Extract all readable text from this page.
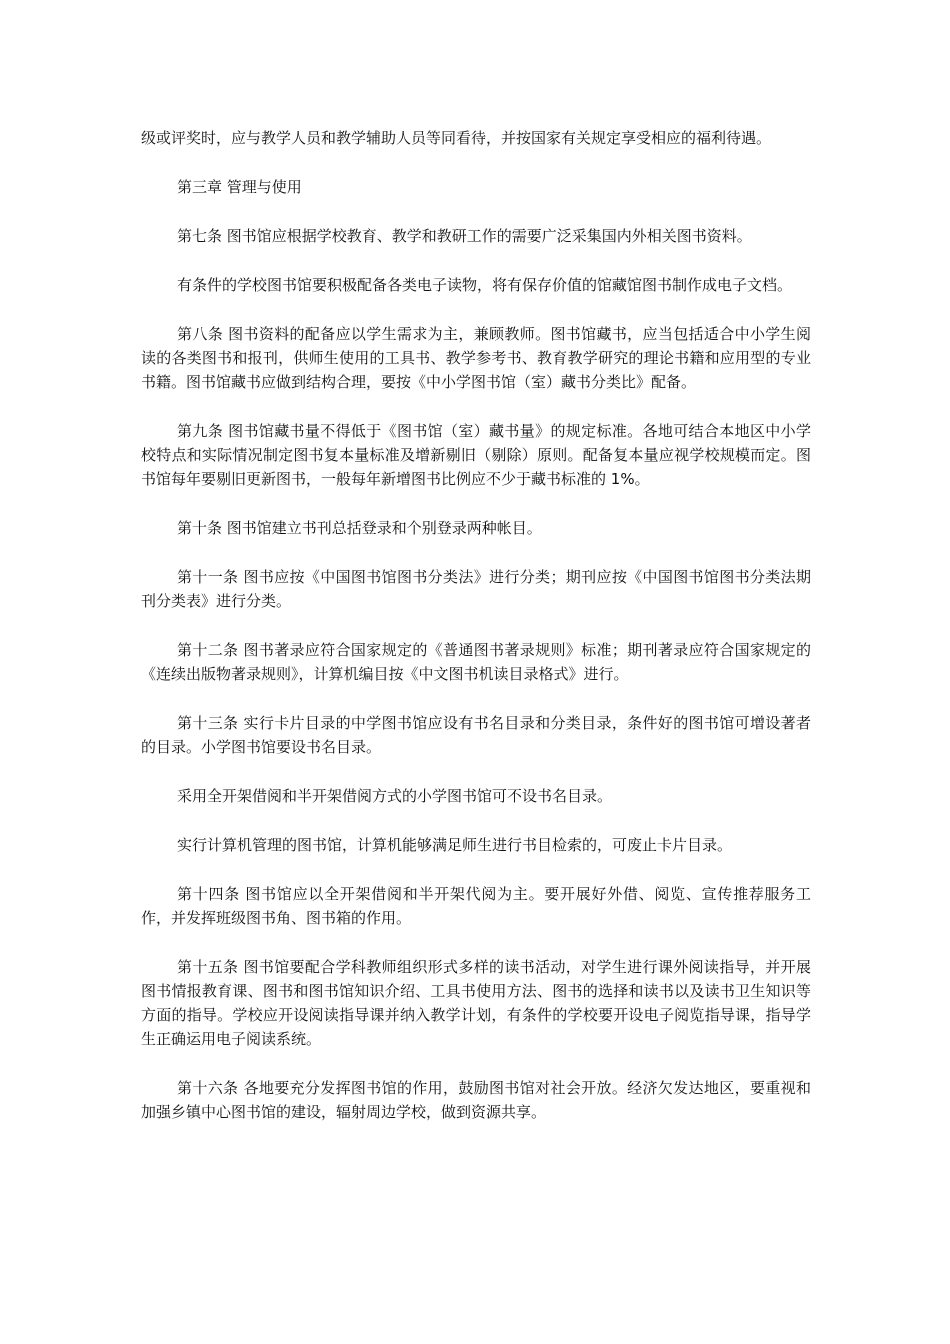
级或评奖时，应与教学人员和教学辅助人员等同看待，并按国家有关规定享受相应的福利待遇。

第三章 管理与使用

第七条 图书馆应根据学校教育、教学和教研工作的需要广泛采集国内外相关图书资料。

有条件的学校图书馆要积极配备各类电子读物，将有保存价值的馆藏馆图书制作成电子文档。

第八条 图书资料的配备应以学生需求为主，兼顾教师。图书馆藏书，应当包括适合中小学生阅读的各类图书和报刊，供师生使用的工具书、教学参考书、教育教学研究的理论书籍和应用型的专业书籍。图书馆藏书应做到结构合理，要按《中小学图书馆（室）藏书分类比》配备。

第九条 图书馆藏书量不得低于《图书馆（室）藏书量》的规定标准。各地可结合本地区中小学校特点和实际情况制定图书复本量标准及增新剔旧（剔除）原则。配备复本量应视学校规模而定。图书馆每年要剔旧更新图书，一般每年新增图书比例应不少于藏书标准的 1%。

第十条 图书馆建立书刊总括登录和个别登录两种帐目。

第十一条 图书应按《中国图书馆图书分类法》进行分类；期刊应按《中国图书馆图书分类法期刊分类表》进行分类。

第十二条 图书著录应符合国家规定的《普通图书著录规则》标准；期刊著录应符合国家规定的《连续出版物著录规则》，计算机编目按《中文图书机读目录格式》进行。

第十三条 实行卡片目录的中学图书馆应设有书名目录和分类目录，条件好的图书馆可增设著者的目录。小学图书馆要设书名目录。

采用全开架借阅和半开架借阅方式的小学图书馆可不设书名目录。

实行计算机管理的图书馆，计算机能够满足师生进行书目检索的，可废止卡片目录。

第十四条 图书馆应以全开架借阅和半开架代阅为主。要开展好外借、阅览、宣传推荐服务工作，并发挥班级图书角、图书箱的作用。

第十五条 图书馆要配合学科教师组织形式多样的读书活动，对学生进行课外阅读指导，并开展图书情报教育课、图书和图书馆知识介绍、工具书使用方法、图书的选择和读书以及读书卫生知识等方面的指导。学校应开设阅读指导课并纳入教学计划，有条件的学校要开设电子阅览指导课，指导学生正确运用电子阅读系统。

第十六条 各地要充分发挥图书馆的作用，鼓励图书馆对社会开放。经济欠发达地区，要重视和加强乡镇中心图书馆的建设，辐射周边学校，做到资源共享。
